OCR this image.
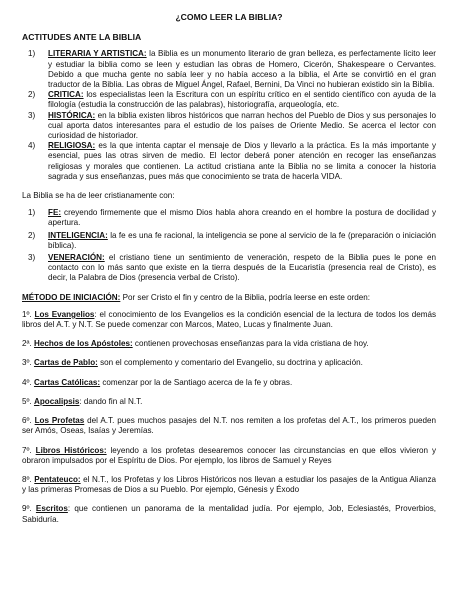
¿COMO LEER LA BIBLIA?
ACTITUDES ANTE LA BIBLIA
1)	LITERARIA Y ARTISTICA: la Biblia es un monumento literario de gran belleza, es perfectamente lícito leer y estudiar la biblia como se leen y estudian las obras de Homero, Cicerón, Shakespeare o Cervantes. Debido a que mucha gente no sabía leer y no había acceso a la biblia, el Arte se convirtió en el gran traductor de la Biblia. Las obras de Miguel Ángel, Rafael, Bernini, Da Vinci no hubieran existido sin la Biblia.
2)	CRITICA: los especialistas leen la Escritura con un espíritu crítico en el sentido científico con ayuda de la filología (estudia la construcción de las palabras), historiografía, arqueología, etc.
3)	HISTÓRICA: en la biblia existen libros históricos que narran hechos del Pueblo de Dios y sus personajes lo cual aporta datos interesantes para el estudio de los países de Oriente Medio. Se acerca el lector con curiosidad de historiador.
4)	RELIGIOSA: es la que intenta captar el mensaje de Dios y llevarlo a la práctica. Es la más importante y esencial, pues las otras sirven de medio. El lector deberá poner atención en recoger las enseñanzas religiosas y morales que contienen. La actitud cristiana ante la Biblia no se limita a conocer la historia sagrada y sus enseñanzas, pues más que conocimiento se trata de hacerla VIDA.

La Biblia se ha de leer cristianamente con:

1)	FE: creyendo firmemente que el mismo Dios habla ahora creando en el hombre la postura de docilidad y apertura.
2)	INTELIGENCIA: la fe es una fe racional, la inteligencia se pone al servicio de la fe (preparación o iniciación bíblica).
3)	VENERACIÓN: el cristiano tiene un sentimiento de veneración, respeto de la Biblia pues le pone en contacto con lo más santo que existe en la tierra después de la Eucaristía (presencia real de Cristo), es decir, la Palabra de Dios (presencia verbal de Cristo).

MÉTODO DE INICIACIÓN: Por ser Cristo el fin y centro de la Biblia, podría leerse en este orden:

1º. Los Evangelios: el conocimiento de los Evangelios es la condición esencial de la lectura de todos los demás libros del A.T. y N.T. Se puede comenzar con Marcos, Mateo, Lucas y finalmente Juan.

2ª. Hechos de los Apóstoles: contienen provechosas enseñanzas para la vida cristiana de hoy.

3º. Cartas de Pablo: son el complemento y comentario del Evangelio, su doctrina y aplicación.

4º. Cartas Católicas: comenzar por la de Santiago acerca de la fe y obras.

5º. Apocalipsis: dando fin al N.T.

6º. Los Profetas del A.T. pues muchos pasajes del N.T. nos remiten a los profetas del A.T., los primeros pueden ser Amós, Oseas, Isaías y Jeremías.

7º. Libros Históricos: leyendo a los profetas desearemos conocer las circunstancias en que ellos vivieron y obraron impulsados por el Espíritu de Dios. Por ejemplo, los libros de Samuel y Reyes

8º. Pentateuco: el N.T., los Profetas y los Libros Históricos nos llevan a estudiar los pasajes de la Antigua Alianza y las primeras Promesas de Dios a su Pueblo. Por ejemplo, Génesis y Éxodo

9º. Escritos: que contienen un panorama de la mentalidad judía. Por ejemplo, Job, Eclesiastés, Proverbios, Sabiduría.
